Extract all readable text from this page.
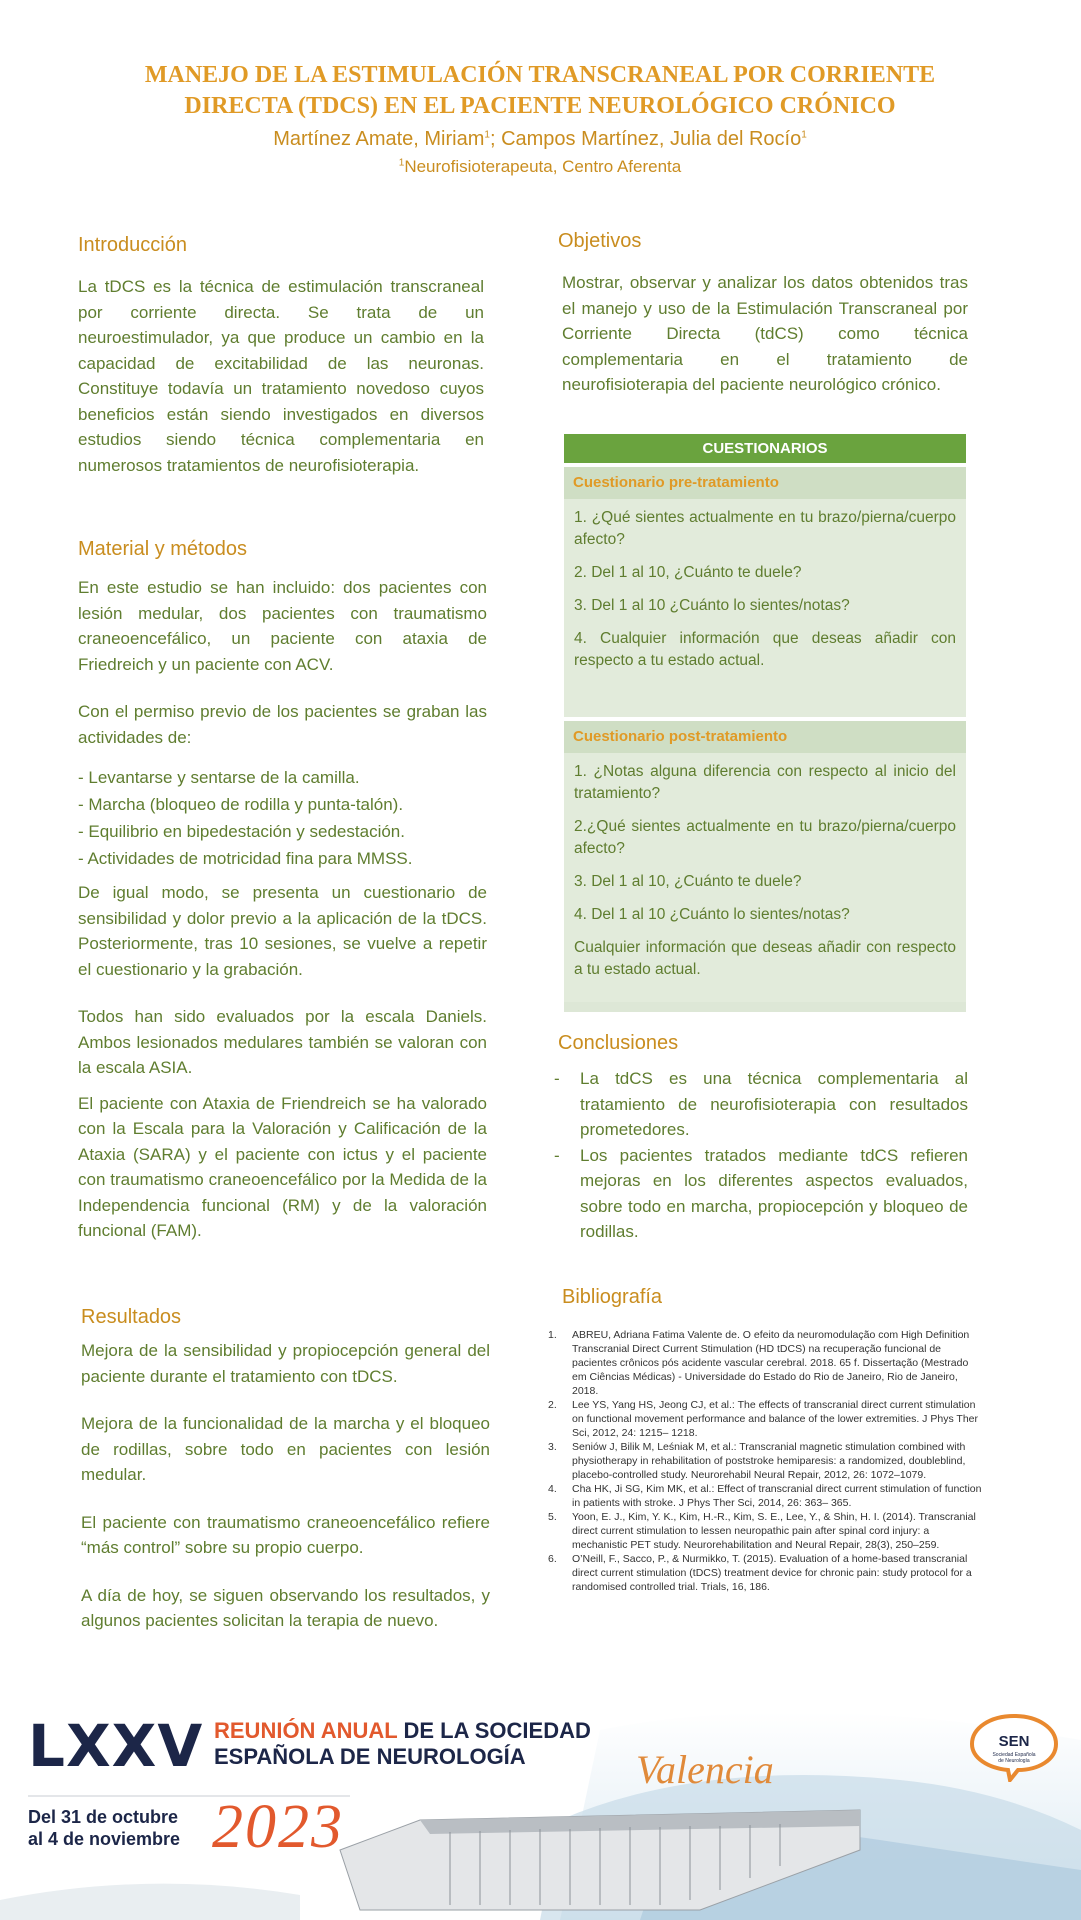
MANEJO DE LA ESTIMULACIÓN TRANSCRANEAL POR CORRIENTE
DIRECTA (TDCS) EN EL PACIENTE NEUROLÓGICO CRÓNICO
Martínez Amate, Miriam$^1$; Campos Martínez, Julia del Rocío$^1$
$^1$Neurofisioterapeuta, Centro Aferenta
Introducción

La tDCS es la técnica de estimulación transcraneal por corriente directa. Se trata de un neuroestimulador, ya que produce un cambio en la capacidad de excitabilidad de las neuronas. Constituye todavía un tratamiento novedoso cuyos beneficios están siendo investigados en diversos estudios siendo técnica complementaria en numerosos tratamientos de neurofisioterapia.

Material y métodos

En este estudio se han incluido: dos pacientes con lesión medular, dos pacientes con traumatismo craneoencefálico, un paciente con ataxia de Friedreich y un paciente con ACV.

Con el permiso previo de los pacientes se graban las actividades de:

- Levantarse y sentarse de la camilla.
- Marcha (bloqueo de rodilla y punta-talón).
- Equilibrio en bipedestación y sedestación.
- Actividades de motricidad fina para MMSS.

De igual modo, se presenta un cuestionario de sensibilidad y dolor previo a la aplicación de la tDCS. Posteriormente, tras 10 sesiones, se vuelve a repetir el cuestionario y la grabación.

Todos han sido evaluados por la escala Daniels. Ambos lesionados medulares también se valoran con la escala ASIA.

El paciente con Ataxia de Friendreich se ha valorado con la Escala para la Valoración y Calificación de la Ataxia (SARA) y el paciente con ictus y el paciente con traumatismo craneoencefálico por la Medida de la Independencia funcional (RM) y de la valoración funcional (FAM).

Resultados

Mejora de la sensibilidad y propiocepción general del paciente durante el tratamiento con tDCS.

Mejora de la funcionalidad de la marcha y el bloqueo de rodillas, sobre todo en pacientes con lesión medular.

El paciente con traumatismo craneoencefálico refiere “más control” sobre su propio cuerpo.

A día de hoy, se siguen observando los resultados, y algunos pacientes solicitan la terapia de nuevo.

Objetivos

Mostrar, observar y analizar los datos obtenidos tras el manejo y uso de la Estimulación Transcraneal por Corriente Directa (tdCS) como técnica complementaria en el tratamiento de neurofisioterapia del paciente neurológico crónico.

CUESTIONARIOS
Cuestionario pre-tratamiento

1. ¿Qué sientes actualmente en tu brazo/pierna/cuerpo afecto?

2. Del 1 al 10, ¿Cuánto te duele?

3. Del 1 al 10 ¿Cuánto lo sientes/notas?

4. Cualquier información que deseas añadir con respecto a tu estado actual.

Cuestionario post-tratamiento

1. ¿Notas alguna diferencia con respecto al inicio del tratamiento?

2.¿Qué sientes actualmente en tu brazo/pierna/cuerpo afecto?

3. Del 1 al 10, ¿Cuánto te duele?

4. Del 1 al 10 ¿Cuánto lo sientes/notas?

Cualquier información que deseas añadir con respecto a tu estado actual.

Conclusiones
- La tdCS es una técnica complementaria al tratamiento de neurofisioterapia con resultados prometedores.
- Los pacientes tratados mediante tdCS refieren mejoras en los diferentes aspectos evaluados, sobre todo en marcha, propiocepción y bloqueo de rodillas.
Bibliografía
1. ABREU, Adriana Fatima Valente de. O efeito da neuromodulação com High Definition Transcranial Direct Current Stimulation (HD tDCS) na recuperação funcional de pacientes crônicos pós acidente vascular cerebral. 2018. 65 f. Dissertação (Mestrado em Ciências Médicas) - Universidade do Estado do Rio de Janeiro, Rio de Janeiro, 2018.
2. Lee YS, Yang HS, Jeong CJ, et al.: The effects of transcranial direct current stimulation on functional movement performance and balance of the lower extremities. J Phys Ther Sci, 2012, 24: 1215– 1218.
3. Seniów J, Bilik M, Leśniak M, et al.: Transcranial magnetic stimulation combined with physiotherapy in rehabilitation of poststroke hemiparesis: a randomized, doubleblind, placebo-controlled study. Neurorehabil Neural Repair, 2012, 26: 1072–1079.
4. Cha HK, Ji SG, Kim MK, et al.: Effect of transcranial direct current stimulation of function in patients with stroke. J Phys Ther Sci, 2014, 26: 363– 365.
5. Yoon, E. J., Kim, Y. K., Kim, H.-R., Kim, S. E., Lee, Y., & Shin, H. I. (2014). Transcranial direct current stimulation to lessen neuropathic pain after spinal cord injury: a mechanistic PET study. Neurorehabilitation and Neural Repair, 28(3), 250–259.
6. O’Neill, F., Sacco, P., & Nurmikko, T. (2015). Evaluation of a home-based transcranial direct current stimulation (tDCS) treatment device for chronic pain: study protocol for a randomised controlled trial. Trials, 16, 186.
LXXV REUNIÓN ANUAL DE LA SOCIEDAD
ESPAÑOLA DE NEUROLOGÍA	Valencia
Del 31 de octubre
al 4 de noviembre 2023
SEN
Sociedad Española
de Neurología
